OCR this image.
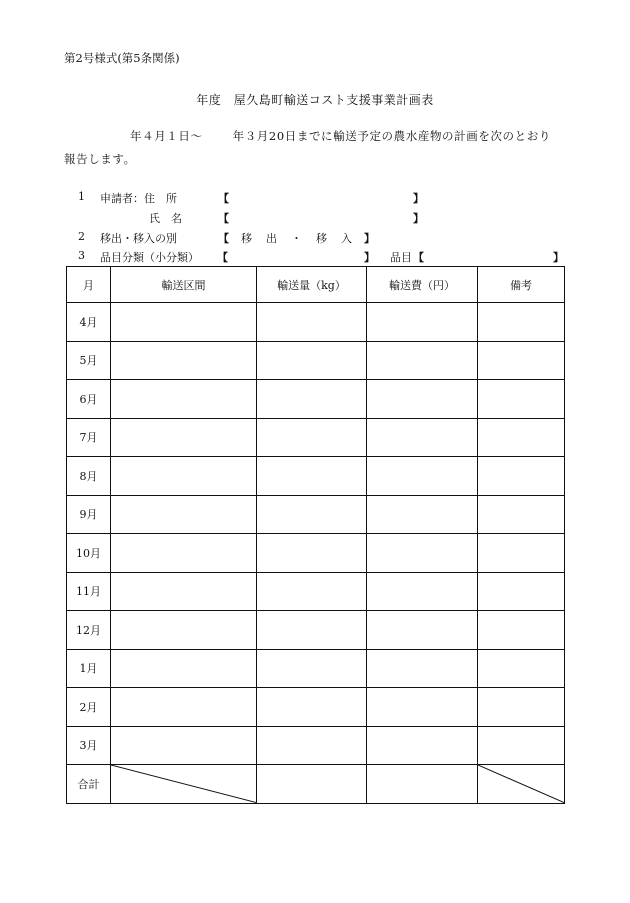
第2号様式(第5条関係)
年度　屋久島町輸送コスト支援事業計画表
年４月１日～	年３月20日までに輸送予定の農水産物の計画を次のとおり
報告します。
1 申請者：住　所	【	】
氏　名	【	】
2 移出・移入の別	【 移出・移入
】
3 品目分類（小分類） 【	】 品目 【	】
月	輸送区間	輸送量（kg）	輸送費（円）	備考
4月				
5月				
6月				
7月				
8月				
9月				
10月				
11月				
12月				
1月				
2月				
3月				
合計	
